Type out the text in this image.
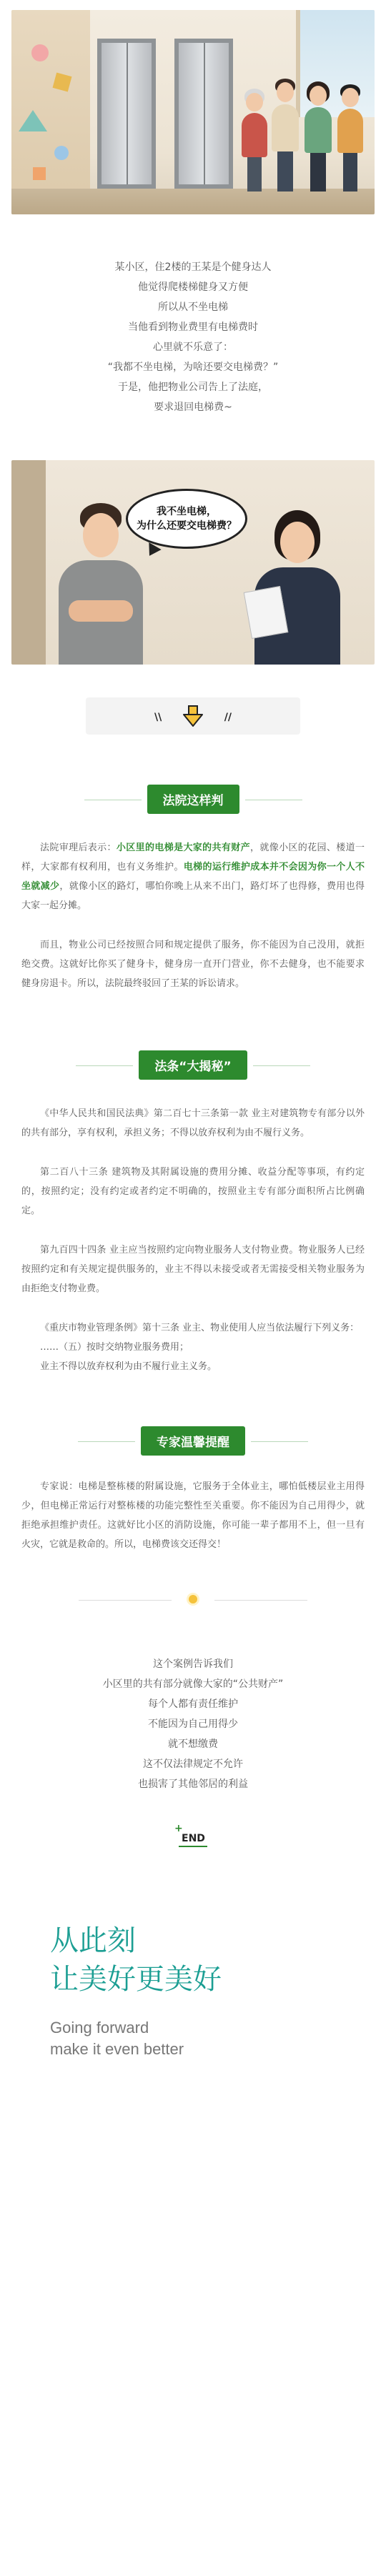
某小区，住2楼的王某是个健身达人

他觉得爬楼梯健身又方便

所以从不坐电梯

当他看到物业费里有电梯费时

心里就不乐意了：

“我都不坐电梯，为啥还要交电梯费？”

于是，他把物业公司告上了法庭，

要求退回电梯费~

我不坐电梯，
为什么还要交电梯费？
\\	//
法院这样判

法院审理后表示：小区里的电梯是大家的共有财产，就像小区的花园、楼道一样，大家都有权利用，也有义务维护。电梯的运行维护成本并不会因为你一个人不坐就减少，就像小区的路灯，哪怕你晚上从来不出门，路灯坏了也得修，费用也得大家一起分摊。

而且，物业公司已经按照合同和规定提供了服务，你不能因为自己没用，就拒绝交费。这就好比你买了健身卡，健身房一直开门营业，你不去健身，也不能要求健身房退卡。所以，法院最终驳回了王某的诉讼请求。

法条“大揭秘”

《中华人民共和国民法典》第二百七十三条第一款 业主对建筑物专有部分以外的共有部分，享有权利，承担义务；不得以放弃权利为由不履行义务。

第二百八十三条 建筑物及其附属设施的费用分摊、收益分配等事项，有约定的，按照约定；没有约定或者约定不明确的，按照业主专有部分面积所占比例确定。

第九百四十四条 业主应当按照约定向物业服务人支付物业费。物业服务人已经按照约定和有关规定提供服务的，业主不得以未接受或者无需接受相关物业服务为由拒绝支付物业费。

《重庆市物业管理条例》第十三条 业主、物业使用人应当依法履行下列义务：

……（五）按时交纳物业服务费用；

业主不得以放弃权利为由不履行业主义务。

专家温馨提醒

专家说：电梯是整栋楼的附属设施，它服务于全体业主，哪怕低楼层业主用得少，但电梯正常运行对整栋楼的功能完整性至关重要。你不能因为自己用得少，就拒绝承担维护责任。这就好比小区的消防设施，你可能一辈子都用不上，但一旦有火灾，它就是救命的。所以，电梯费该交还得交！

这个案例告诉我们

小区里的共有部分就像大家的“公共财产”

每个人都有责任维护

不能因为自己用得少

就不想缴费

这不仅法律规定不允许

也损害了其他邻居的利益

+
END
从此刻
让美好更美好
Going forward
make it even better
